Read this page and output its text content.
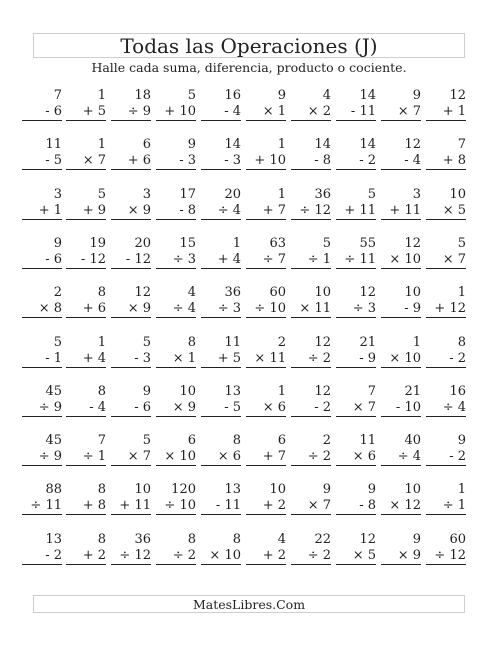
Todas las Operaciones (J)
Halle cada suma, diferencia, producto o cociente.
7
- 6
1
+ 5
18
÷ 9
5
+ 10
16
- 4
9
× 1
4
× 2
14
- 11
9
× 7
12
+ 1
11
- 5
1
× 7
6
+ 6
9
- 3
14
- 3
1
+ 10
14
- 8
14
- 2
12
- 4
7
+ 8
3
+ 1
5
+ 9
3
× 9
17
- 8
20
÷ 4
1
+ 7
36
÷ 12
5
+ 11
3
+ 11
10
× 5
9
- 6
19
- 12
20
- 12
15
÷ 3
1
+ 4
63
÷ 7
5
÷ 1
55
÷ 11
12
× 10
5
× 7
2
× 8
8
+ 6
12
× 9
4
÷ 4
36
÷ 3
60
÷ 10
10
× 11
12
÷ 3
10
- 9
1
+ 12
5
- 1
1
+ 4
5
- 3
8
× 1
11
+ 5
2
× 11
12
÷ 2
21
- 9
1
× 10
8
- 2
45
÷ 9
8
- 4
9
- 6
10
× 9
13
- 5
1
× 6
12
- 2
7
× 7
21
- 10
16
÷ 4
45
÷ 9
7
÷ 1
5
× 7
6
× 10
8
× 6
6
+ 7
2
÷ 2
11
× 6
40
÷ 4
9
- 2
88
÷ 11
8
+ 8
10
+ 11
120
÷ 10
13
- 11
10
+ 2
9
× 7
9
- 8
10
× 12
1
÷ 1
13
- 2
8
+ 2
36
÷ 12
8
÷ 2
8
× 10
4
+ 2
22
÷ 2
12
× 5
9
× 9
60
÷ 12
MatesLibres.Com
